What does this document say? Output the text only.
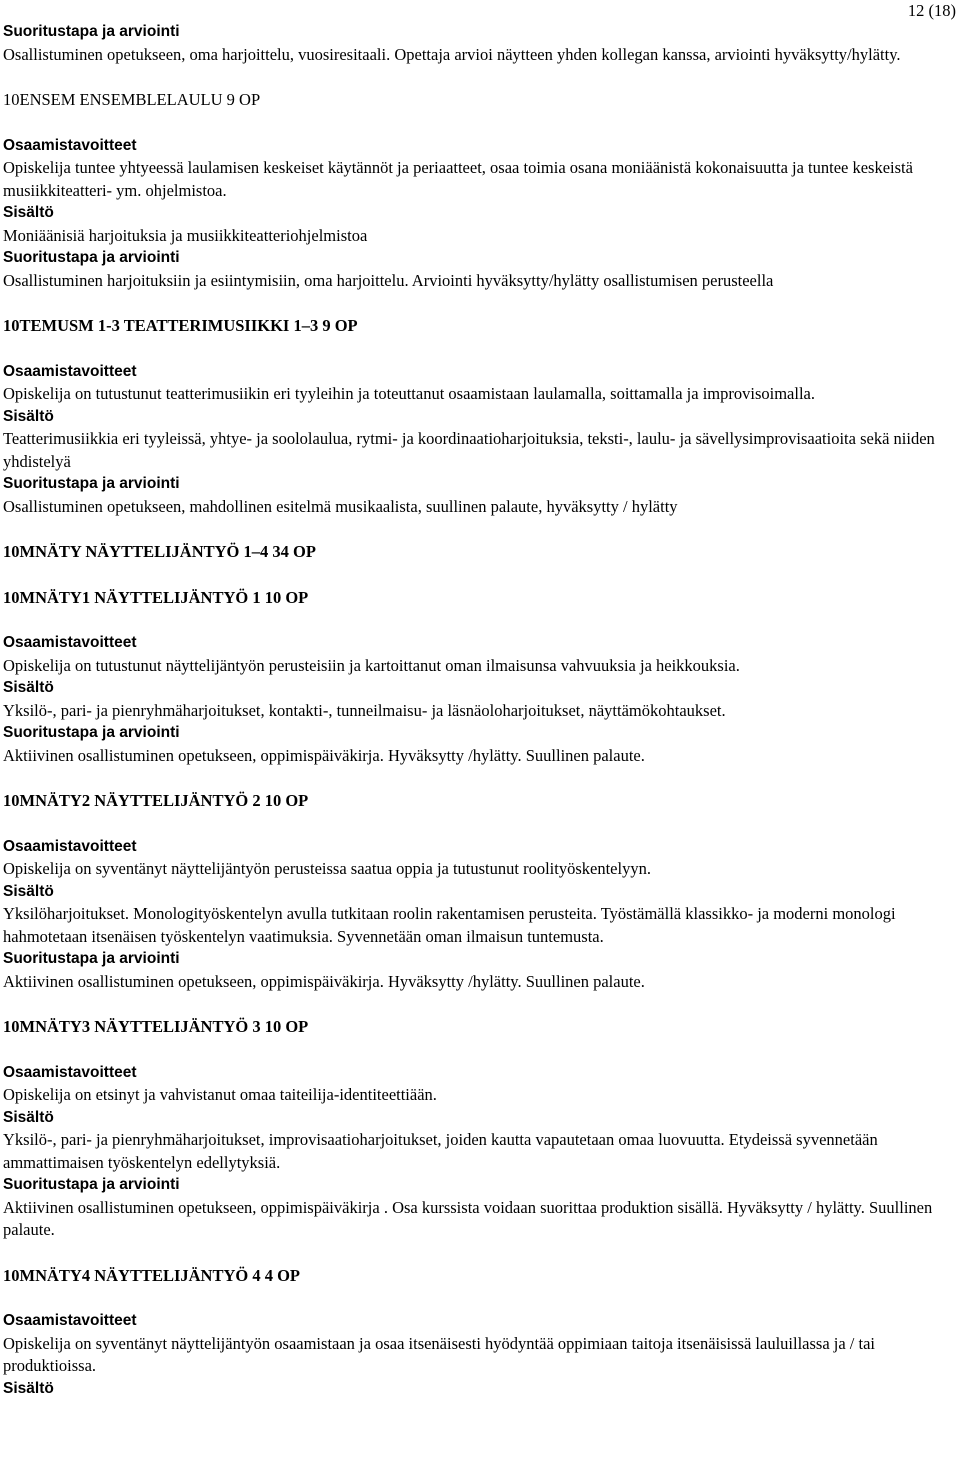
12 (18)

Suoritustapa ja arviointi

Osallistuminen opetukseen, oma harjoittelu, vuosiresitaali. Opettaja arvioi näytteen yhden kollegan kanssa, arviointi hyväksytty/hylätty.

10ENSEM ENSEMBLELAULU 9 OP

Osaamistavoitteet

Opiskelija tuntee yhtyeessä laulamisen keskeiset käytännöt ja periaatteet, osaa toimia osana moniäänistä kokonaisuutta ja tuntee keskeistä musiikkiteatteri- ym. ohjelmistoa.

Sisältö

Moniäänisiä harjoituksia ja musiikkiteatteriohjelmistoa

Suoritustapa ja arviointi

Osallistuminen harjoituksiin ja esiintymisiin, oma harjoittelu. Arviointi hyväksytty/hylätty osallistumisen perusteella

10TEMUSM 1-3 TEATTERIMUSIIKKI 1–3 9 OP

Osaamistavoitteet

Opiskelija on tutustunut teatterimusiikin eri tyyleihin ja toteuttanut osaamistaan laulamalla, soittamalla ja improvisoimalla.

Sisältö

Teatterimusiikkia eri tyyleissä, yhtye- ja soololaulua, rytmi- ja koordinaatioharjoituksia, teksti-, laulu- ja sävellysimprovisaatioita sekä niiden yhdistelyä

Suoritustapa ja arviointi

Osallistuminen opetukseen, mahdollinen esitelmä musikaalista, suullinen palaute, hyväksytty / hylätty

10MNÄTY NÄYTTELIJÄNTYÖ 1–4 34 OP

10MNÄTY1 NÄYTTELIJÄNTYÖ 1 10 OP

Osaamistavoitteet

Opiskelija on tutustunut näyttelijäntyön perusteisiin ja kartoittanut oman ilmaisunsa vahvuuksia ja heikkouksia.

Sisältö

Yksilö-, pari- ja pienryhmäharjoitukset, kontakti-, tunneilmaisu- ja läsnäoloharjoitukset, näyttämökohtaukset.

Suoritustapa ja arviointi

Aktiivinen osallistuminen opetukseen, oppimispäiväkirja. Hyväksytty /hylätty. Suullinen palaute.

10MNÄTY2 NÄYTTELIJÄNTYÖ 2 10 OP

Osaamistavoitteet

Opiskelija on syventänyt näyttelijäntyön perusteissa saatua oppia ja tutustunut roolityöskentelyyn.

Sisältö

Yksilöharjoitukset. Monologityöskentelyn avulla tutkitaan roolin rakentamisen perusteita. Työstämällä klassikko- ja moderni monologi hahmotetaan itsenäisen työskentelyn vaatimuksia. Syvennetään oman ilmaisun tuntemusta.

Suoritustapa ja arviointi

Aktiivinen osallistuminen opetukseen, oppimispäiväkirja. Hyväksytty /hylätty. Suullinen palaute.

10MNÄTY3 NÄYTTELIJÄNTYÖ 3 10 OP

Osaamistavoitteet

Opiskelija on etsinyt ja vahvistanut omaa taiteilija-identiteettiään.

Sisältö

Yksilö-, pari- ja pienryhmäharjoitukset, improvisaatioharjoitukset, joiden kautta vapautetaan omaa luovuutta. Etydeissä syvennetään ammattimaisen työskentelyn edellytyksiä.

Suoritustapa ja arviointi

Aktiivinen osallistuminen opetukseen, oppimispäiväkirja . Osa kurssista voidaan suorittaa produktion sisällä. Hyväksytty / hylätty. Suullinen palaute.

10MNÄTY4 NÄYTTELIJÄNTYÖ 4 4 OP

Osaamistavoitteet

Opiskelija on syventänyt näyttelijäntyön osaamistaan ja osaa itsenäisesti hyödyntää oppimiaan taitoja itsenäisissä lauluillassa ja / tai produktioissa.

Sisältö
